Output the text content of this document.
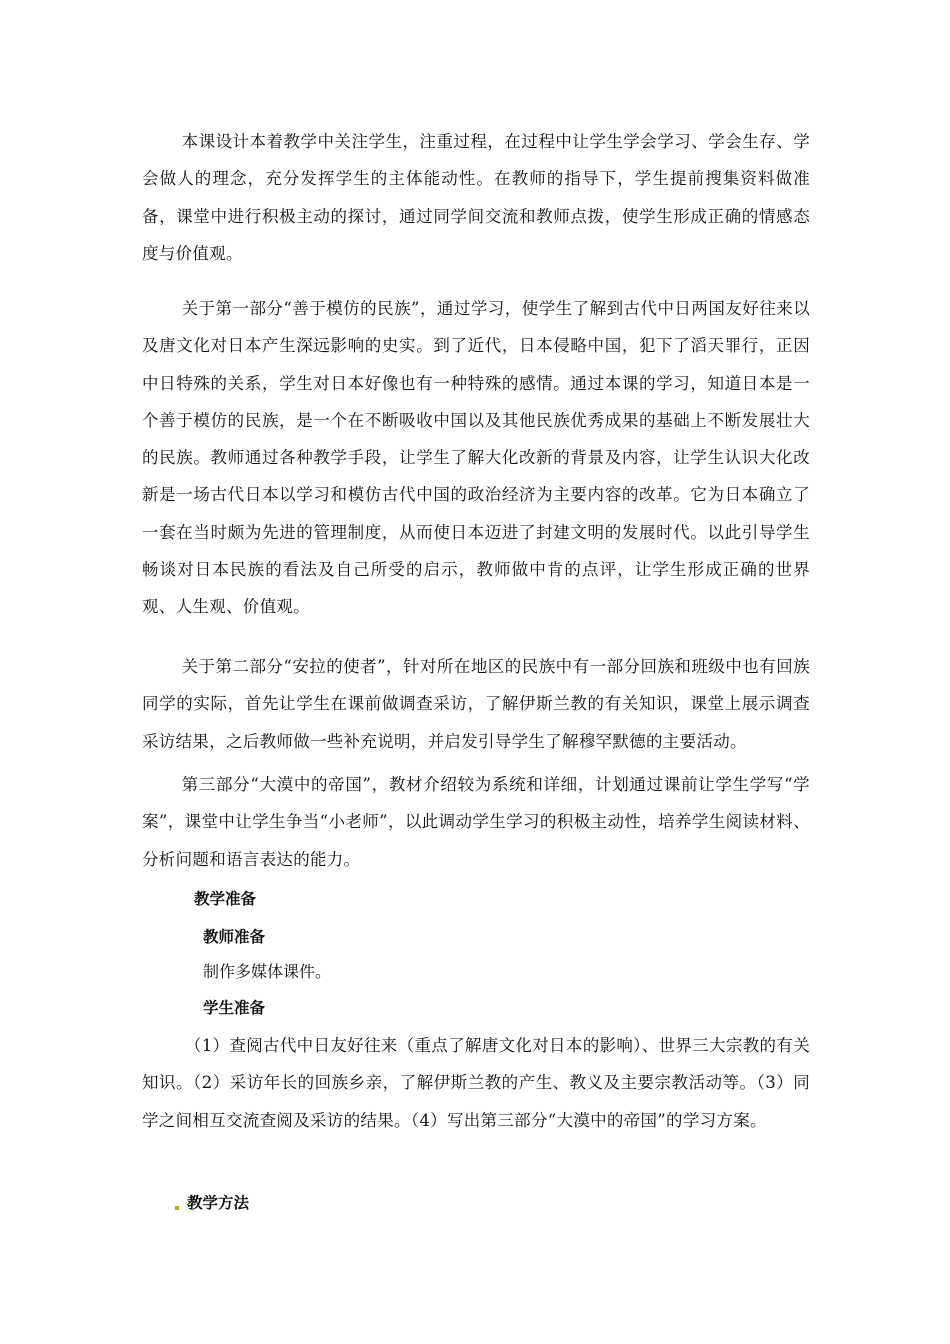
本课设计本着教学中关注学生，注重过程，在过程中让学生学会学习、学会生存、学会做人的理念，充分发挥学生的主体能动性。在教师的指导下，学生提前搜集资料做准备，课堂中进行积极主动的探讨，通过同学间交流和教师点拨，使学生形成正确的情感态度与价值观。

关于第一部分“善于模仿的民族”，通过学习，使学生了解到古代中日两国友好往来以及唐文化对日本产生深远影响的史实。到了近代，日本侵略中国，犯下了滔天罪行，正因中日特殊的关系，学生对日本好像也有一种特殊的感情。通过本课的学习，知道日本是一个善于模仿的民族，是一个在不断吸收中国以及其他民族优秀成果的基础上不断发展壮大的民族。教师通过各种教学手段，让学生了解大化改新的背景及内容，让学生认识大化改新是一场古代日本以学习和模仿古代中国的政治经济为主要内容的改革。它为日本确立了一套在当时颇为先进的管理制度，从而使日本迈进了封建文明的发展时代。以此引导学生畅谈对日本民族的看法及自己所受的启示，教师做中肯的点评，让学生形成正确的世界观、人生观、价值观。

关于第二部分“安拉的使者”，针对所在地区的民族中有一部分回族和班级中也有回族同学的实际，首先让学生在课前做调查采访，了解伊斯兰教的有关知识，课堂上展示调查采访结果，之后教师做一些补充说明，并启发引导学生了解穆罕默德的主要活动。

第三部分“大漠中的帝国”，教材介绍较为系统和详细，计划通过课前让学生学写“学案”，课堂中让学生争当“小老师”，以此调动学生学习的积极主动性，培养学生阅读材料、分析问题和语言表达的能力。

教学准备

教师准备

制作多媒体课件。

学生准备

（1）查阅古代中日友好往来（重点了解唐文化对日本的影响）、世界三大宗教的有关知识。（2）采访年长的回族乡亲，了解伊斯兰教的产生、教义及主要宗教活动等。（3）同学之间相互交流查阅及采访的结果。（4）写出第三部分“大漠中的帝国”的学习方案。

教学方法
